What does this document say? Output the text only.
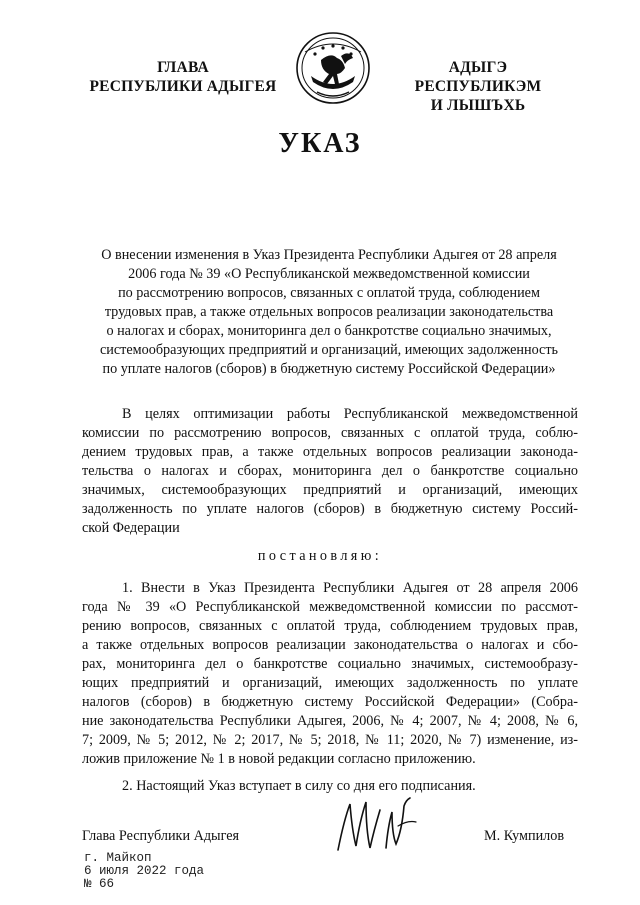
ГЛАВА
РЕСПУБЛИКИ АДЫГЕЯ
АДЫГЭ РЕСПУБЛИКЭМ
И ЛЫШЪХЬ
УКАЗ
О внесении изменения в Указ Президента Республики Адыгея от 28 апреля
2006 года № 39 «О Республиканской межведомственной комиссии
по рассмотрению вопросов, связанных с оплатой труда, соблюдением
трудовых прав, а также отдельных вопросов реализации законодательства
о налогах и сборах, мониторинга дел о банкротстве социально значимых,
системообразующих предприятий и организаций, имеющих задолженность
по уплате налогов (сборов) в бюджетную систему Российской Федерации»
В целях оптимизации работы Республиканской межведомственной
комиссии по рассмотрению вопросов, связанных с оплатой труда, соблю-
дением трудовых прав, а также отдельных вопросов реализации законода-
тельства о налогах и сборах, мониторинга дел о банкротстве социально
значимых, системообразующих предприятий и организаций, имеющих
задолженность по уплате налогов (сборов) в бюджетную систему Россий-
ской Федерации
постановляю:
1. Внести в Указ Президента Республики Адыгея от 28 апреля 2006
года № 39 «О Республиканской межведомственной комиссии по рассмот-
рению вопросов, связанных с оплатой труда, соблюдением трудовых прав,
а также отдельных вопросов реализации законодательства о налогах и сбо-
рах, мониторинга дел о банкротстве социально значимых, системообразу-
ющих предприятий и организаций, имеющих задолженность по уплате
налогов (сборов) в бюджетную систему Российской Федерации» (Собра-
ние законодательства Республики Адыгея, 2006, № 4; 2007, № 4; 2008, № 6,
7; 2009, № 5; 2012, № 2; 2017, № 5; 2018, № 11; 2020, № 7) изменение, из-
ложив приложение № 1 в новой редакции согласно приложению.
2. Настоящий Указ вступает в силу со дня его подписания.
Глава Республики Адыгея	М. Кумпилов
г. Майкоп
6 июля 2022 года
№ 66
